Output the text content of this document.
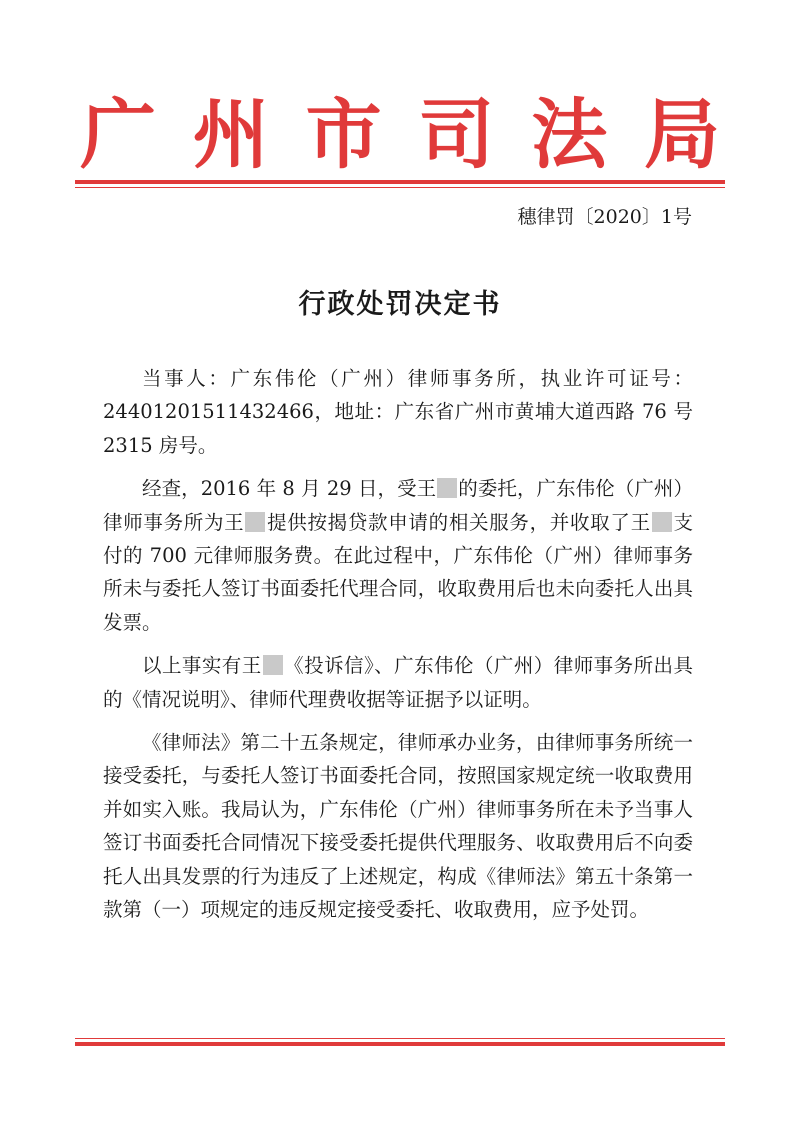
广 州 市 司 法 局
穗律罚〔2020〕1号
行政处罚决定书

当事人：广东伟伦（广州）律师事务所，执业许可证号：24401201511432466，地址：广东省广州市黄埔大道西路 76 号 2315 房号。

经查，2016 年 8 月 29 日，受王 的委托，广东伟伦（广州）律师事务所为王 提供按揭贷款申请的相关服务，并收取了王 支付的 700 元律师服务费。在此过程中，广东伟伦（广州）律师事务所未与委托人签订书面委托代理合同，收取费用后也未向委托人出具发票。

以上事实有王 《投诉信》、广东伟伦（广州）律师事务所出具的《情况说明》、律师代理费收据等证据予以证明。

《律师法》第二十五条规定，律师承办业务，由律师事务所统一接受委托，与委托人签订书面委托合同，按照国家规定统一收取费用并如实入账。我局认为，广东伟伦（广州）律师事务所在未予当事人签订书面委托合同情况下接受委托提供代理服务、收取费用后不向委托人出具发票的行为违反了上述规定，构成《律师法》第五十条第一款第（一）项规定的违反规定接受委托、收取费用，应予处罚。
